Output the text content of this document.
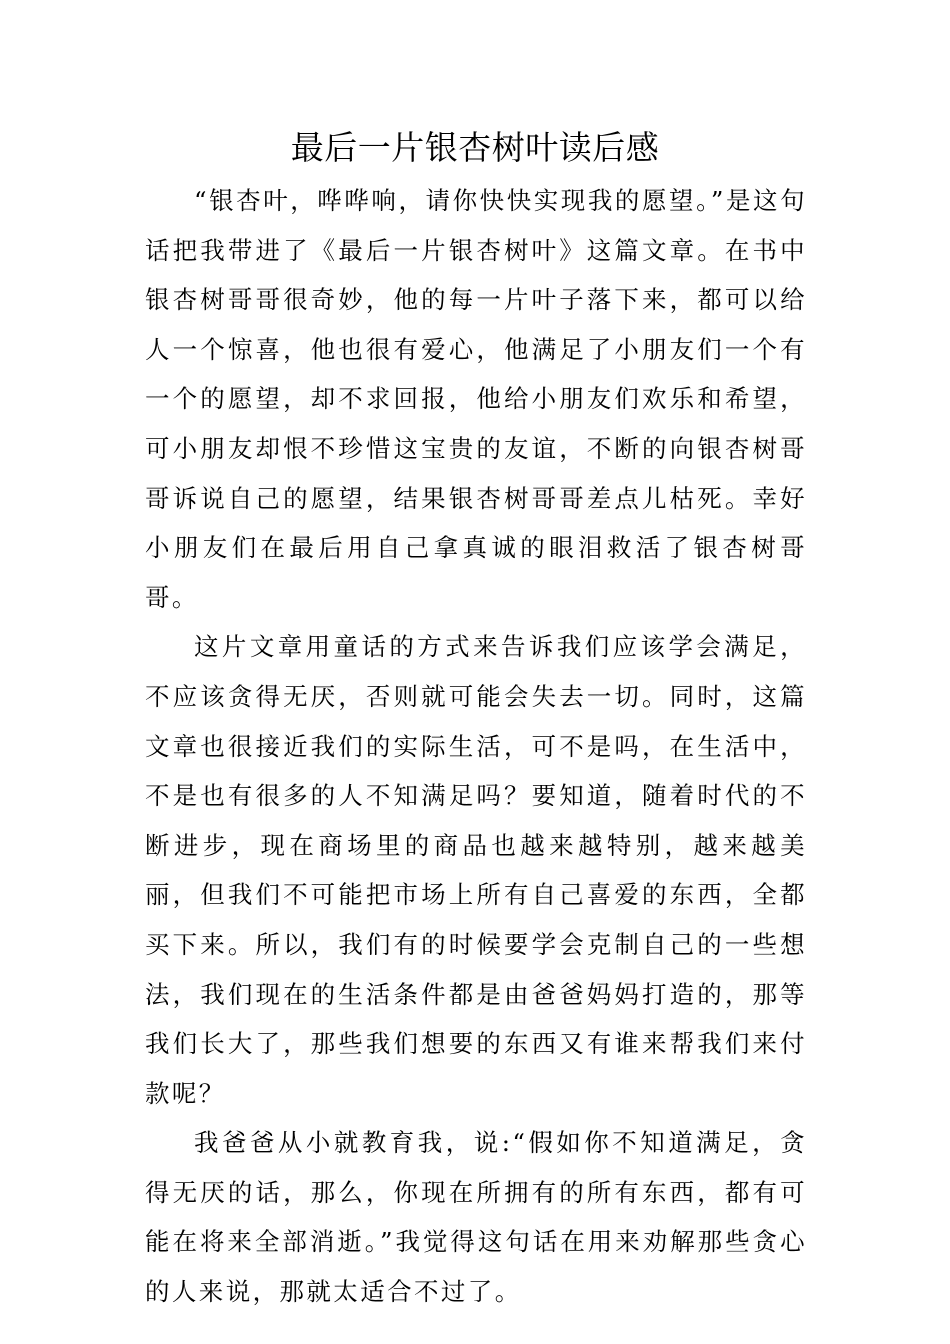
最后一片银杏树叶读后感

“银杏叶，哗哗响，请你快快实现我的愿望。”是这句话把我带进了《最后一片银杏树叶》这篇文章。在书中银杏树哥哥很奇妙，他的每一片叶子落下来，都可以给人一个惊喜，他也很有爱心，他满足了小朋友们一个有一个的愿望，却不求回报，他给小朋友们欢乐和希望，可小朋友却恨不珍惜这宝贵的友谊，不断的向银杏树哥哥诉说自己的愿望，结果银杏树哥哥差点儿枯死。幸好小朋友们在最后用自己拿真诚的眼泪救活了银杏树哥哥。

这片文章用童话的方式来告诉我们应该学会满足，不应该贪得无厌，否则就可能会失去一切。同时，这篇文章也很接近我们的实际生活，可不是吗，在生活中，不是也有很多的人不知满足吗？要知道，随着时代的不断进步，现在商场里的商品也越来越特别，越来越美丽，但我们不可能把市场上所有自己喜爱的东西，全都买下来。所以，我们有的时候要学会克制自己的一些想法，我们现在的生活条件都是由爸爸妈妈打造的，那等我们长大了，那些我们想要的东西又有谁来帮我们来付款呢？

我爸爸从小就教育我，说:“假如你不知道满足，贪得无厌的话，那么，你现在所拥有的所有东西，都有可能在将来全部消逝。”我觉得这句话在用来劝解那些贪心的人来说，那就太适合不过了。
